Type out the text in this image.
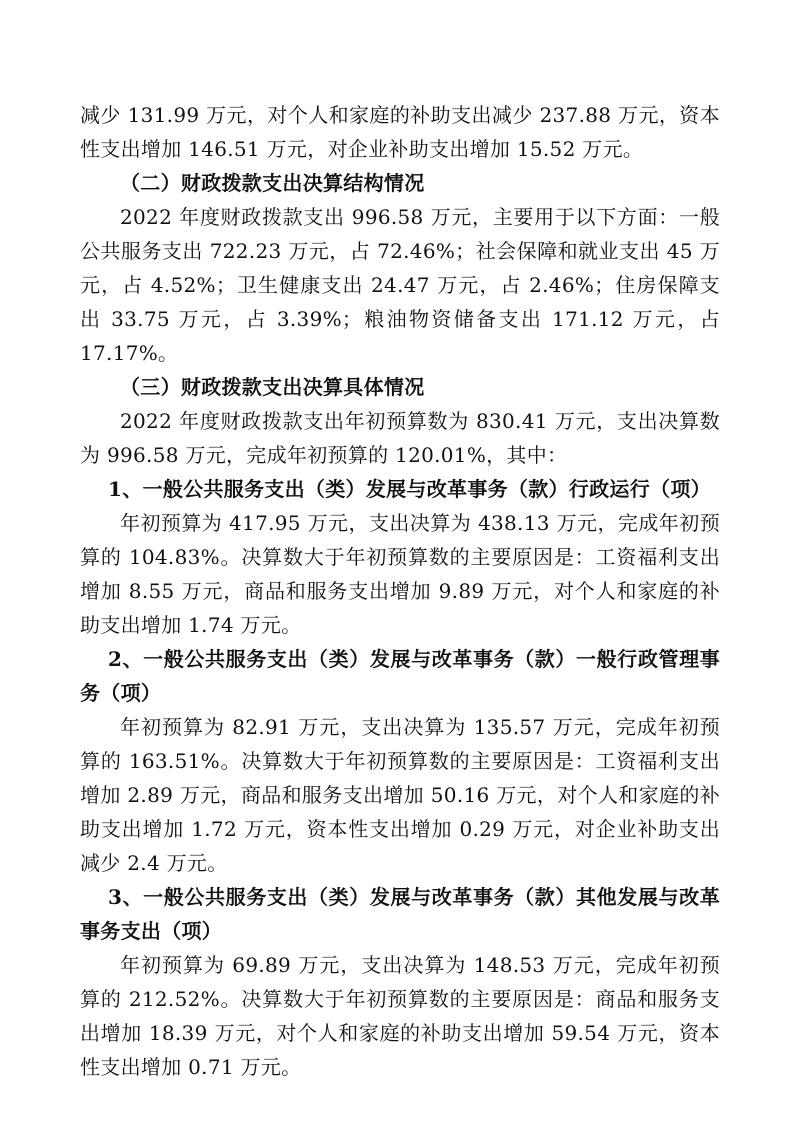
减少 131.99 万元，对个人和家庭的补助支出减少 237.88 万元，资本性支出增加 146.51 万元，对企业补助支出增加 15.52 万元。

（二）财政拨款支出决算结构情况

2022 年度财政拨款支出 996.58 万元，主要用于以下方面：一般公共服务支出 722.23 万元，占 72.46%；社会保障和就业支出 45 万元，占 4.52%；卫生健康支出 24.47 万元，占 2.46%；住房保障支出 33.75 万元，占 3.39%；粮油物资储备支出 171.12 万元，占 17.17%。

（三）财政拨款支出决算具体情况

2022 年度财政拨款支出年初预算数为 830.41 万元，支出决算数为 996.58 万元，完成年初预算的 120.01%，其中：

1、一般公共服务支出（类）发展与改革事务（款）行政运行（项）

年初预算为 417.95 万元，支出决算为 438.13 万元，完成年初预算的 104.83%。决算数大于年初预算数的主要原因是：工资福利支出增加 8.55 万元，商品和服务支出增加 9.89 万元，对个人和家庭的补助支出增加 1.74 万元。

2、一般公共服务支出（类）发展与改革事务（款）一般行政管理事务（项）

年初预算为 82.91 万元，支出决算为 135.57 万元，完成年初预算的 163.51%。决算数大于年初预算数的主要原因是：工资福利支出增加 2.89 万元，商品和服务支出增加 50.16 万元，对个人和家庭的补助支出增加 1.72 万元，资本性支出增加 0.29 万元，对企业补助支出减少 2.4 万元。

3、一般公共服务支出（类）发展与改革事务（款）其他发展与改革事务支出（项）

年初预算为 69.89 万元，支出决算为 148.53 万元，完成年初预算的 212.52%。决算数大于年初预算数的主要原因是：商品和服务支出增加 18.39 万元，对个人和家庭的补助支出增加 59.54 万元，资本性支出增加 0.71 万元。
